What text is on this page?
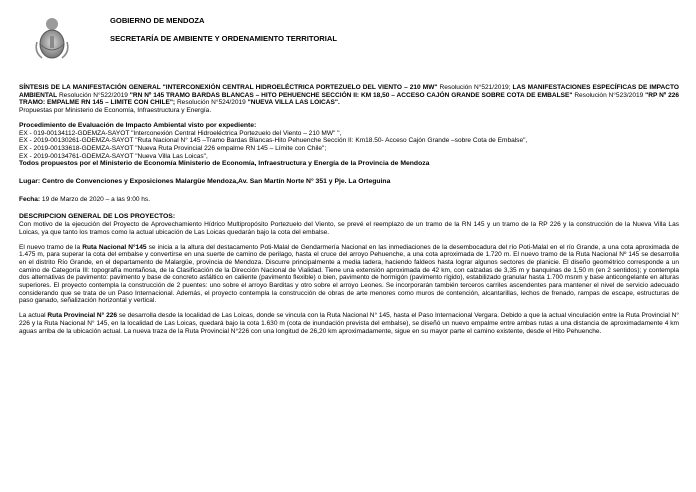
GOBIERNO DE MENDOZA
SECRETARÍA DE AMBIENTE Y ORDENAMIENTO TERRITORIAL

SÍNTESIS DE LA MANIFESTACIÓN GENERAL "INTERCONEXIÓN CENTRAL HIDROELÉCTRICA PORTEZUELO DEL VIENTO – 210 MW" Resolución N°521/2019; LAS MANIFESTACIONES ESPECÍFICAS DE IMPACTO AMBIENTAL Resolución N°522/2019 "RN Nº 145 TRAMO BARDAS BLANCAS – HITO PEHUENCHE SECCIÓN II: KM 18,50 – ACCESO CAJÓN GRANDE SOBRE COTA DE EMBALSE" Resolución N°523/2019 "RP Nº 226 TRAMO: EMPALME RN 145 – LIMITE CON CHILE"; Resolución N°524/2019 "NUEVA VILLA LAS LOICAS".

Propuestas por Ministerio de Economía, Infraestructura y Energía.

Procedimiento de Evaluación de Impacto Ambiental visto por expediente:

EX - 019-00134112-GDEMZA-SAYOT "Interconexión Central Hidroeléctrica Portezuelo del Viento – 210 MW" ",

EX - 2019-00130261-GDEMZA-SAYOT "Ruta Nacional N° 145 –Tramo Bardas Blancas-Hito Pehuenche Sección II: Km18.50- Acceso Cajón Grande –sobre Cota de Embalse",

EX - 2019-00133618-GDEMZA-SAYOT "Nueva Ruta Provincial 226 empalme RN 145 – Límite con Chile";

EX - 2019-00134761-GDEMZA-SAYOT "Nueva Villa Las Loicas",

Todos propuestos por el Ministerio de Economía Ministerio de Economía, Infraestructura y Energía de la Provincia de Mendoza

Lugar: Centro de Convenciones y Exposiciones Malargüe Mendoza,Av. San Martín Norte N° 351 y Pje. La Orteguina

Fecha: 19 de Marzo de 2020 – a las 9:00 hs.

DESCRIPCION GENERAL DE LOS PROYECTOS:

Con motivo de la ejecución del Proyecto de Aprovechamiento Hídrico Multipropósito Portezuelo del Viento, se prevé el reemplazo de un tramo de la RN 145 y un tramo de la RP 226 y la construcción de la Nueva Villa Las Loicas, ya que tanto los tramos como la actual ubicación de Las Loicas quedarán bajo la cota del embalse.

El nuevo tramo de la Ruta Nacional N°145 se inicia a la altura del destacamento Poti-Malal de Gendarmería Nacional en las inmediaciones de la desembocadura del río Poti-Malal en el río Grande, a una cota aproximada de 1.475 m, para superar la cota del embalse y convertirse en una suerte de camino de perilago, hasta el cruce del arroyo Pehuenche, a una cota aproximada de 1.720 m. El nuevo tramo de la Ruta Nacional Nº 145 se desarrolla en el distrito Río Grande, en el departamento de Malargüe, provincia de Mendoza. Discurre principalmente a media ladera, haciendo faldeos hasta lograr algunos sectores de planicie. El diseño geométrico corresponde a un camino de Categoría III: topografía montañosa, de la Clasificación de la Dirección Nacional de Vialidad. Tiene una extensión aproximada de 42 km, con calzadas de 3,35 m y banquinas de 1,50 m (en 2 sentidos); y contempla dos alternativas de pavimento: pavimento y base de concreto asfáltico en caliente (pavimento flexible) o bien, pavimento de hormigón (pavimento rígido), estabilizado granular hasta 1.700 msnm y base anticongelante en alturas superiores. El proyecto contempla la construcción de 2 puentes: uno sobre el arroyo Barditas y otro sobre el arroyo Leones. Se incorporarán también terceros carriles ascendentes para mantener el nivel de servicio adecuado considerando que se trata de un Paso Internacional. Además, el proyecto contempla la construcción de obras de arte menores como muros de contención, alcantarillas, lechos de frenado, rampas de escape, estructuras de paso ganado, señalización horizontal y vertical.

La actual Ruta Provincial N° 226 se desarrolla desde la localidad de Las Loicas, donde se vincula con la Ruta Nacional N° 145, hasta el Paso Internacional Vergara. Debido a que la actual vinculación entre la Ruta Provincial N° 226 y la Ruta Nacional N° 145, en la localidad de Las Loicas, quedará bajo la cota 1.630 m (cota de inundación prevista del embalse), se diseñó un nuevo empalme entre ambas rutas a una distancia de aproximadamente 4 km aguas arriba de la ubicación actual. La nueva traza de la Ruta Provincial N°226 con una longitud de 26,20 km aproximadamente, sigue en su mayor parte el camino existente, desde el Hito Pehuenche.
